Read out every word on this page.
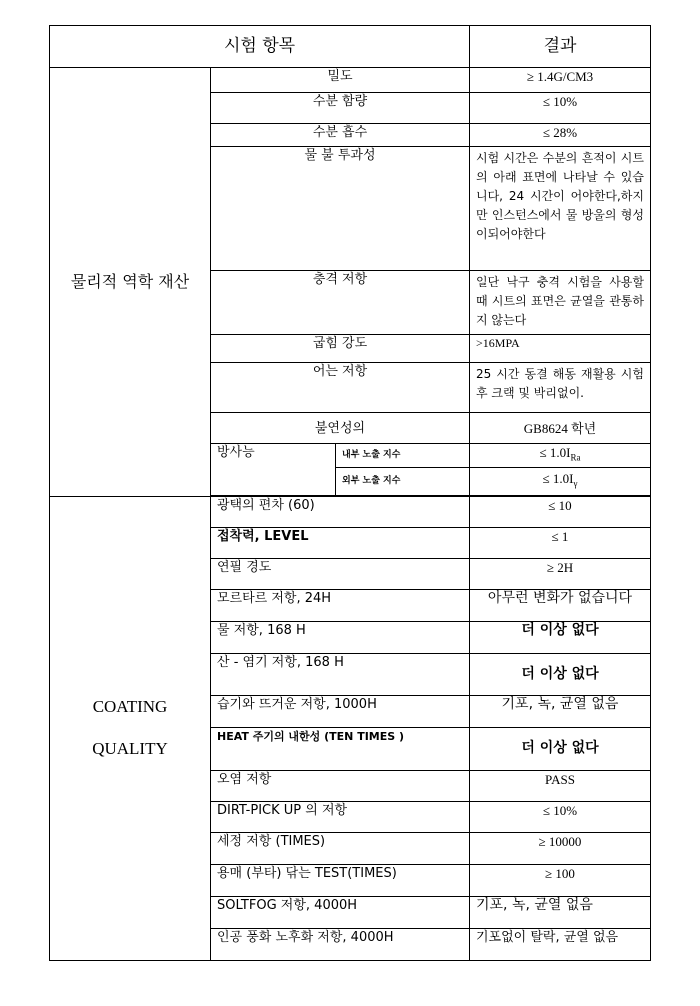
시험 항목			결과

물리적 역학 재산	밀도		≥ 1.4G/CM3
	수분 함량		≤ 10%
	수분 흡수		≤ 28%
	물 불 투과성		시험 시간은 수분의 흔적이 시트의 아래 표면에 나타날 수 있습니다, 24 시간이 어야한다,하지만 인스턴스에서 물 방울의 형성이되어야한다
	충격 저항		일단 낙구 충격 시험을 사용할 때 시트의 표면은 균열을 관통하지 않는다
	굽힘 강도		>16MPA
	어는 저항		25 시간 동결 해동 재활용 시험 후 크랙 및 박리없이.
	불연성의		GB8624 학년
	방사능	내부 노출 지수	≤ $1.0I_{Ra}$
		외부 노출 지수	≤ $1.0I_\gamma$

COATING
QUALITY	광택의 편차 (60)		≤ 10
	접착력, LEVEL		≤ 1
	연필 경도		≥ 2H
	모르타르 저항, 24H		아무런 변화가 없습니다
	물 저항, 168 H		더 이상 없다
	산 - 염기 저항, 168 H		더 이상 없다
	습기와 뜨거운 저항, 1000H		기포, 녹, 균열 없음
	HEAT 주기의 내한성 (TEN TIMES )		더 이상 없다
	오염 저항		PASS
	DIRT-PICK UP 의 저항		≤ 10%
	세정 저항 (TIMES)		≥ 10000
	용매 (부타) 닦는 TEST(TIMES)		≥ 100
	SOLTFOG 저항, 4000H		기포, 녹, 균열 없음
	인공 풍화 노후화 저항, 4000H		기포없이 탈락, 균열 없음
